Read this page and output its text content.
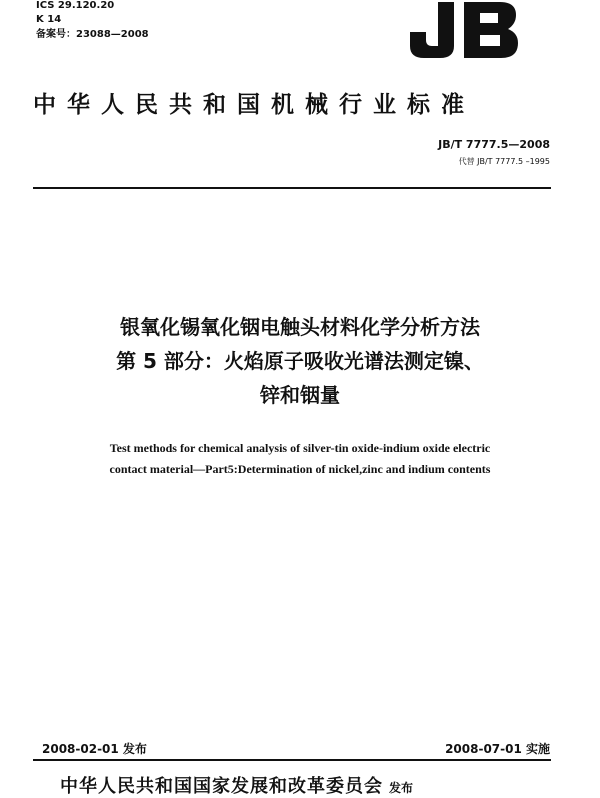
ICS 29.120.20
K 14
备案号：23088—2008
中华人民共和国机械行业标准
JB/T 7777.5—2008
代替 JB/T 7777.5 –1995
银氧化锡氧化铟电触头材料化学分析方法
第 5 部分：火焰原子吸收光谱法测定镍、
锌和铟量
Test methods for chemical analysis of silver-tin oxide-indium oxide electric
contact material—Part5:Determination of nickel,zinc and indium contents
2008-02-01 发布	2008-07-01 实施
中华人民共和国国家发展和改革委员会 发布
